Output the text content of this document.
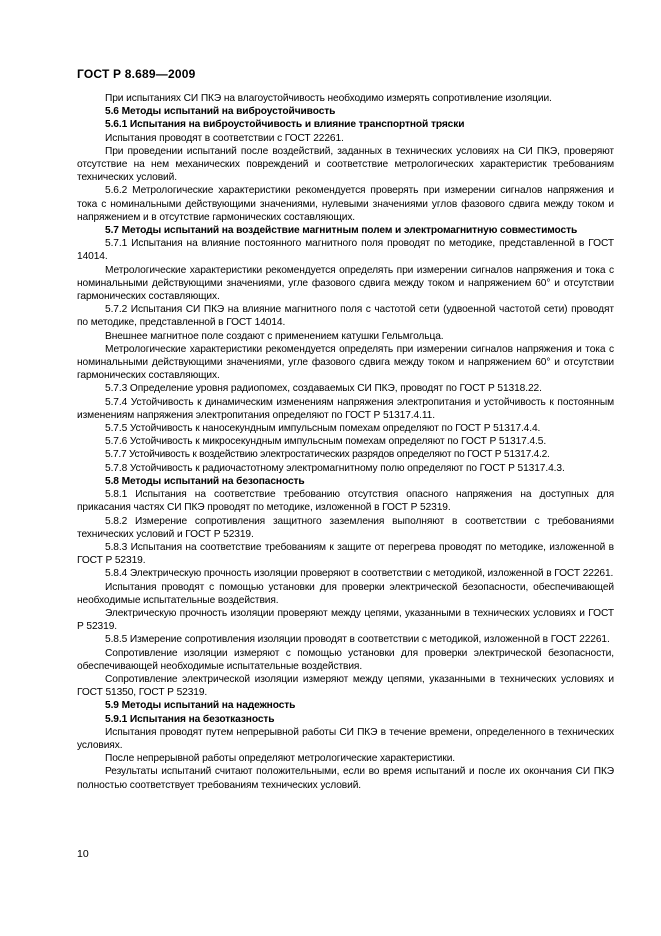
ГОСТ Р 8.689—2009

При испытаниях СИ ПКЭ на влагоустойчивость необходимо измерять сопротивление изоляции.

5.6 Методы испытаний на виброустойчивость

5.6.1 Испытания на виброустойчивость и влияние транспортной тряски

Испытания проводят в соответствии с ГОСТ 22261.

При проведении испытаний после воздействий, заданных в технических условиях на СИ ПКЭ, проверяют отсутствие на нем механических повреждений и соответствие метрологических характеристик требованиям технических условий.

5.6.2 Метрологические характеристики рекомендуется проверять при измерении сигналов напряжения и тока с номинальными действующими значениями, нулевыми значениями углов фазового сдвига между током и напряжением и в отсутствие гармонических составляющих.

5.7 Методы испытаний на воздействие магнитным полем и электромагнитную совместимость

5.7.1 Испытания на влияние постоянного магнитного поля проводят по методике, представленной в ГОСТ 14014.

Метрологические характеристики рекомендуется определять при измерении сигналов напряжения и тока с номинальными действующими значениями, угле фазового сдвига между током и напряжением 60° и отсутствии гармонических составляющих.

5.7.2 Испытания СИ ПКЭ на влияние магнитного поля с частотой сети (удвоенной частотой сети) проводят по методике, представленной в ГОСТ 14014.

Внешнее магнитное поле создают с применением катушки Гельмгольца.

Метрологические характеристики рекомендуется определять при измерении сигналов напряжения и тока с номинальными действующими значениями, угле фазового сдвига между током и напряжением 60° и отсутствии гармонических составляющих.

5.7.3 Определение уровня радиопомех, создаваемых СИ ПКЭ, проводят по ГОСТ Р 51318.22.

5.7.4 Устойчивость к динамическим изменениям напряжения электропитания и устойчивость к постоянным изменениям напряжения электропитания определяют по ГОСТ Р 51317.4.11.

5.7.5 Устойчивость к наносекундным импульсным помехам определяют по ГОСТ Р 51317.4.4.

5.7.6 Устойчивость к микросекундным импульсным помехам определяют по ГОСТ Р 51317.4.5.

5.7.7 Устойчивость к воздействию электростатических разрядов определяют по ГОСТ Р 51317.4.2.

5.7.8 Устойчивость к радиочастотному электромагнитному полю определяют по ГОСТ Р 51317.4.3.

5.8 Методы испытаний на безопасность

5.8.1 Испытания на соответствие требованию отсутствия опасного напряжения на доступных для прикасания частях СИ ПКЭ проводят по методике, изложенной в ГОСТ Р 52319.

5.8.2 Измерение сопротивления защитного заземления выполняют в соответствии с требованиями технических условий и ГОСТ Р 52319.

5.8.3 Испытания на соответствие требованиям к защите от перегрева проводят по методике, изложенной в ГОСТ Р 52319.

5.8.4 Электрическую прочность изоляции проверяют в соответствии с методикой, изложенной в ГОСТ 22261.

Испытания проводят с помощью установки для проверки электрической безопасности, обеспечивающей необходимые испытательные воздействия.

Электрическую прочность изоляции проверяют между цепями, указанными в технических условиях и ГОСТ Р 52319.

5.8.5 Измерение сопротивления изоляции проводят в соответствии с методикой, изложенной в ГОСТ 22261.

Сопротивление изоляции измеряют с помощью установки для проверки электрической безопасности, обеспечивающей необходимые испытательные воздействия.

Сопротивление электрической изоляции измеряют между цепями, указанными в технических условиях и ГОСТ 51350, ГОСТ Р 52319.

5.9 Методы испытаний на надежность

5.9.1 Испытания на безотказность

Испытания проводят путем непрерывной работы СИ ПКЭ в течение времени, определенного в технических условиях.

После непрерывной работы определяют метрологические характеристики.

Результаты испытаний считают положительными, если во время испытаний и после их окончания СИ ПКЭ полностью соответствует требованиям технических условий.

10
